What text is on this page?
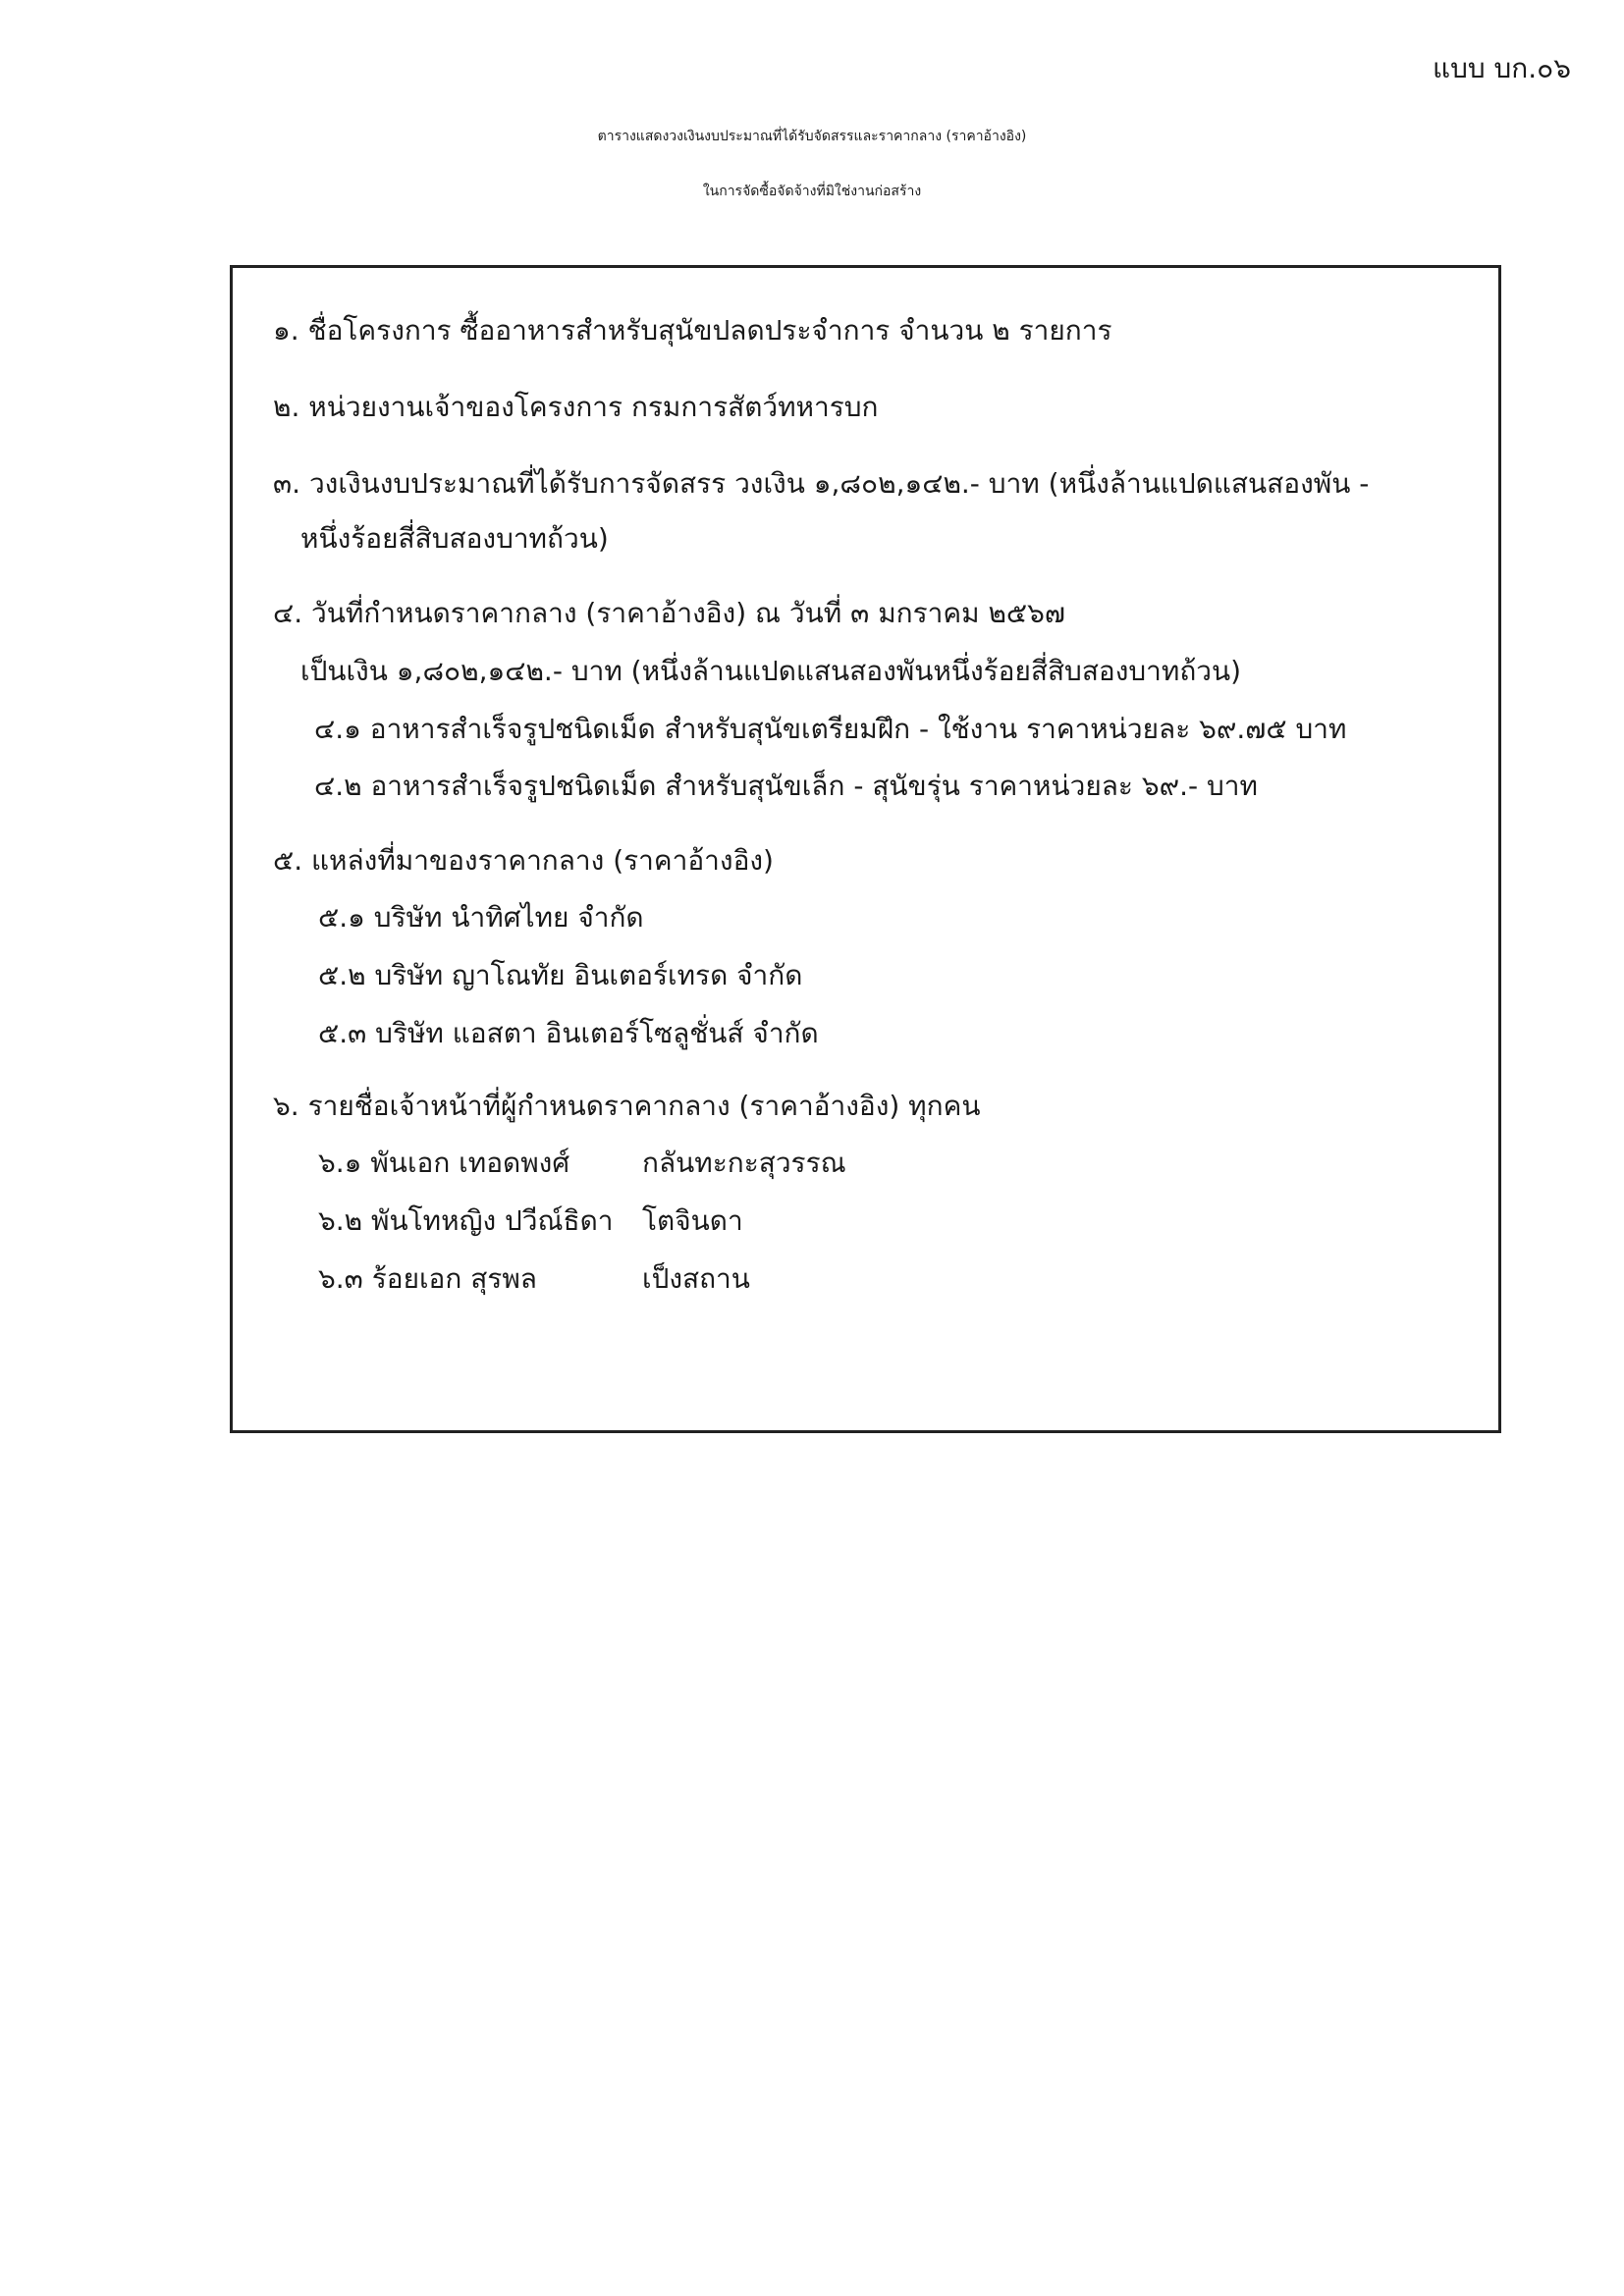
แบบ บก.๐๖
ตารางแสดงวงเงินงบประมาณที่ได้รับจัดสรรและราคากลาง (ราคาอ้างอิง)
ในการจัดซื้อจัดจ้างที่มิใช่งานก่อสร้าง
๑. ชื่อโครงการ ซื้ออาหารสำหรับสุนัขปลดประจำการ จำนวน ๒ รายการ
๒. หน่วยงานเจ้าของโครงการ กรมการสัตว์ทหารบก
๓. วงเงินงบประมาณที่ได้รับการจัดสรร วงเงิน ๑,๘๐๒,๑๔๒.- บาท (หนึ่งล้านแปดแสนสองพัน -
หนึ่งร้อยสี่สิบสองบาทถ้วน)
๔. วันที่กำหนดราคากลาง (ราคาอ้างอิง) ณ วันที่ ๓ มกราคม ๒๕๖๗
เป็นเงิน ๑,๘๐๒,๑๔๒.- บาท (หนึ่งล้านแปดแสนสองพันหนึ่งร้อยสี่สิบสองบาทถ้วน)
๔.๑ อาหารสำเร็จรูปชนิดเม็ด สำหรับสุนัขเตรียมฝึก - ใช้งาน ราคาหน่วยละ ๖๙.๗๕ บาท
๔.๒ อาหารสำเร็จรูปชนิดเม็ด สำหรับสุนัขเล็ก - สุนัขรุ่น ราคาหน่วยละ ๖๙.- บาท
๕. แหล่งที่มาของราคากลาง (ราคาอ้างอิง)
๕.๑ บริษัท นำทิศไทย จำกัด
๕.๒ บริษัท ญาโณทัย อินเตอร์เทรด จำกัด
๕.๓ บริษัท แอสตา อินเตอร์โซลูชั่นส์ จำกัด
๖. รายชื่อเจ้าหน้าที่ผู้กำหนดราคากลาง (ราคาอ้างอิง) ทุกคน
๖.๑ พันเอก เทอดพงศ์	กลันทะกะสุวรรณ
๖.๒ พันโทหญิง ปวีณ์ธิดา โตจินดา
๖.๓ ร้อยเอก สุรพล	เป็งสถาน
